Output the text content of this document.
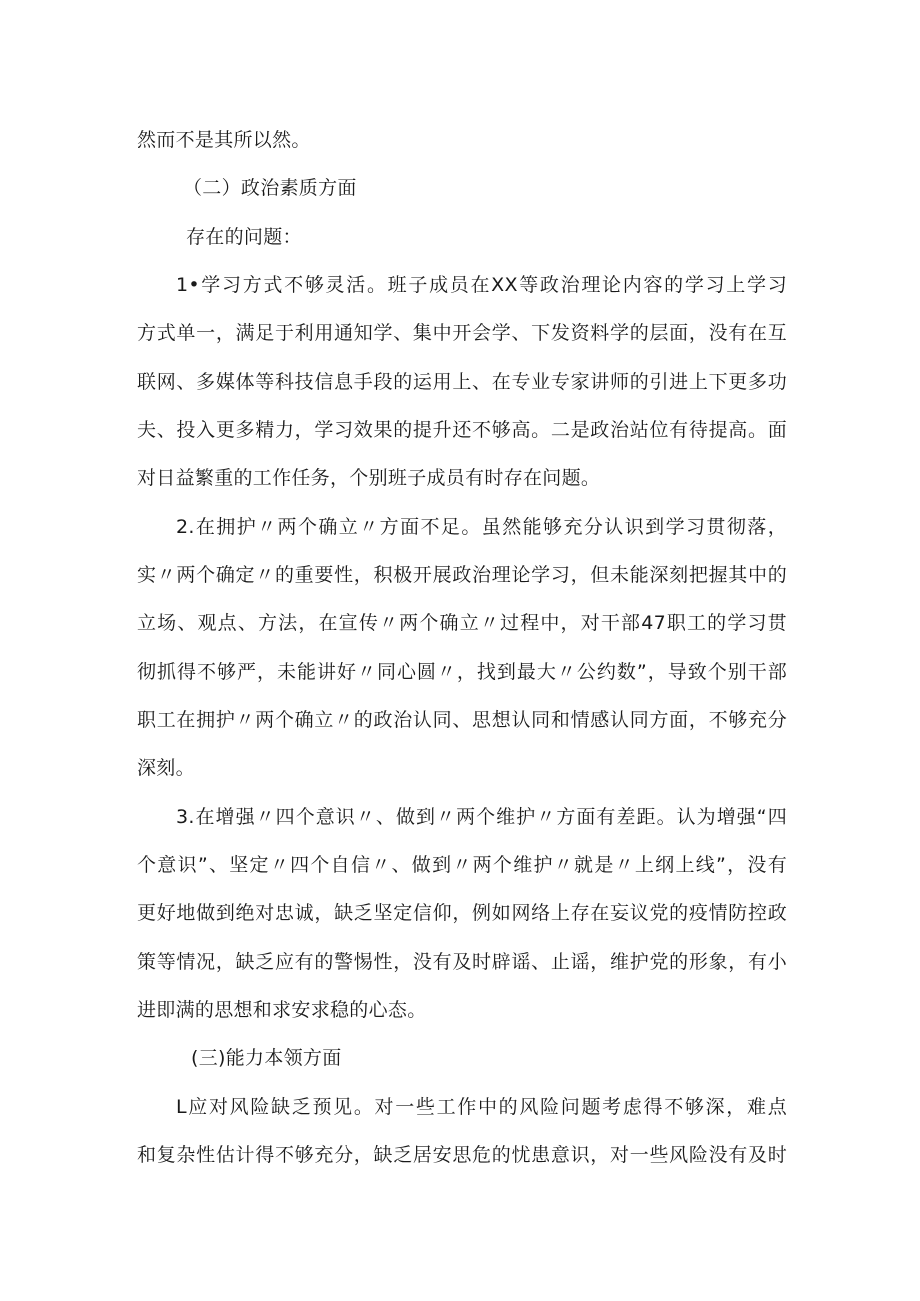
然而不是其所以然。
（二）政治素质方面
存在的问题：
1•学习方式不够灵活。班子成员在XX等政治理论内容的学习上学习
方式单一，满足于利用通知学、集中开会学、下发资料学的层面，没有在互
联网、多媒体等科技信息手段的运用上、在专业专家讲师的引进上下更多功
夫、投入更多精力，学习效果的提升还不够高。二是政治站位有待提高。面
对日益繁重的工作任务，个别班子成员有时存在问题。
2.在拥护〃两个确立〃方面不足。虽然能够充分认识到学习贯彻落，
实〃两个确定〃的重要性，积极开展政治理论学习，但未能深刻把握其中的
立场、观点、方法，在宣传〃两个确立〃过程中，对干部47职工的学习贯
彻抓得不够严，未能讲好〃同心圆〃，找到最大〃公约数”，导致个别干部
职工在拥护〃两个确立〃的政治认同、思想认同和情感认同方面，不够充分
深刻。
3.在增强〃四个意识〃、做到〃两个维护〃方面有差距。认为增强“四
个意识”、坚定〃四个自信〃、做到〃两个维护〃就是〃上纲上线”，没有
更好地做到绝对忠诚，缺乏坚定信仰，例如网络上存在妄议党的疫情防控政
策等情况，缺乏应有的警惕性，没有及时辟谣、止谣，维护党的形象，有小
进即满的思想和求安求稳的心态。
(三)能力本领方面
L应对风险缺乏预见。对一些工作中的风险问题考虑得不够深，难点
和复杂性估计得不够充分，缺乏居安思危的忧患意识，对一些风险没有及时
